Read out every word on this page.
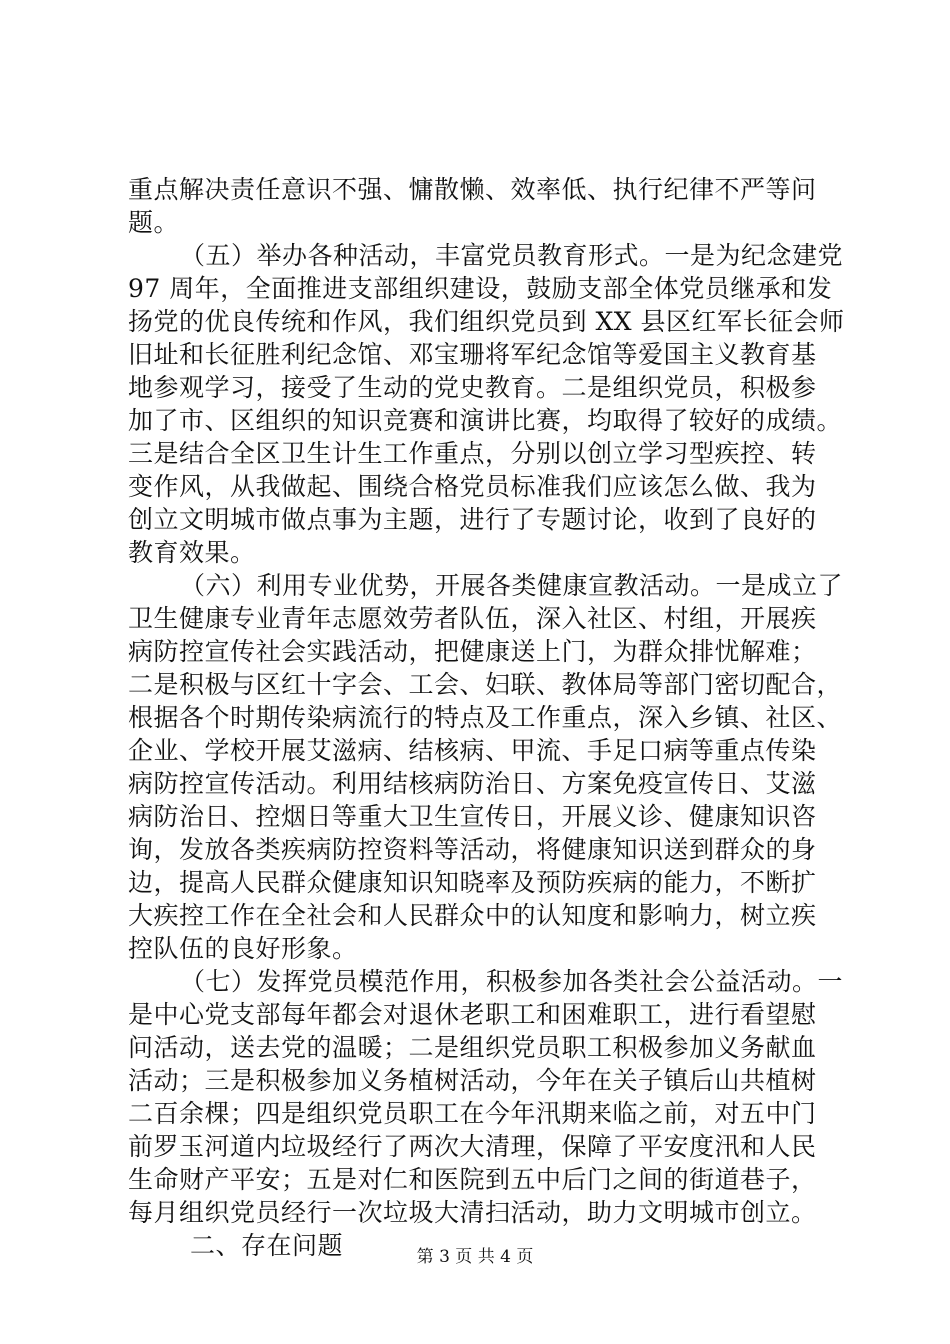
重点解决责任意识不强、慵散懒、效率低、执行纪律不严等问
题。
（五）举办各种活动，丰富党员教育形式。一是为纪念建党
97 周年，全面推进支部组织建设，鼓励支部全体党员继承和发
扬党的优良传统和作风，我们组织党员到 XX 县区红军长征会师
旧址和长征胜利纪念馆、邓宝珊将军纪念馆等爱国主义教育基
地参观学习，接受了生动的党史教育。二是组织党员，积极参
加了市、区组织的知识竞赛和演讲比赛，均取得了较好的成绩。
三是结合全区卫生计生工作重点，分别以创立学习型疾控、转
变作风，从我做起、围绕合格党员标准我们应该怎么做、我为
创立文明城市做点事为主题，进行了专题讨论，收到了良好的
教育效果。
（六）利用专业优势，开展各类健康宣教活动。一是成立了
卫生健康专业青年志愿效劳者队伍，深入社区、村组，开展疾
病防控宣传社会实践活动，把健康送上门，为群众排忧解难；
二是积极与区红十字会、工会、妇联、教体局等部门密切配合，
根据各个时期传染病流行的特点及工作重点，深入乡镇、社区、
企业、学校开展艾滋病、结核病、甲流、手足口病等重点传染
病防控宣传活动。利用结核病防治日、方案免疫宣传日、艾滋
病防治日、控烟日等重大卫生宣传日，开展义诊、健康知识咨
询，发放各类疾病防控资料等活动，将健康知识送到群众的身
边，提高人民群众健康知识知晓率及预防疾病的能力，不断扩
大疾控工作在全社会和人民群众中的认知度和影响力，树立疾
控队伍的良好形象。
（七）发挥党员模范作用，积极参加各类社会公益活动。一
是中心党支部每年都会对退休老职工和困难职工，进行看望慰
问活动，送去党的温暖；二是组织党员职工积极参加义务献血
活动；三是积极参加义务植树活动，今年在关子镇后山共植树
二百余棵；四是组织党员职工在今年汛期来临之前，对五中门
前罗玉河道内垃圾经行了两次大清理，保障了平安度汛和人民
生命财产平安；五是对仁和医院到五中后门之间的街道巷子，
每月组织党员经行一次垃圾大清扫活动，助力文明城市创立。
二、存在问题	第 3 页 共 4 页
